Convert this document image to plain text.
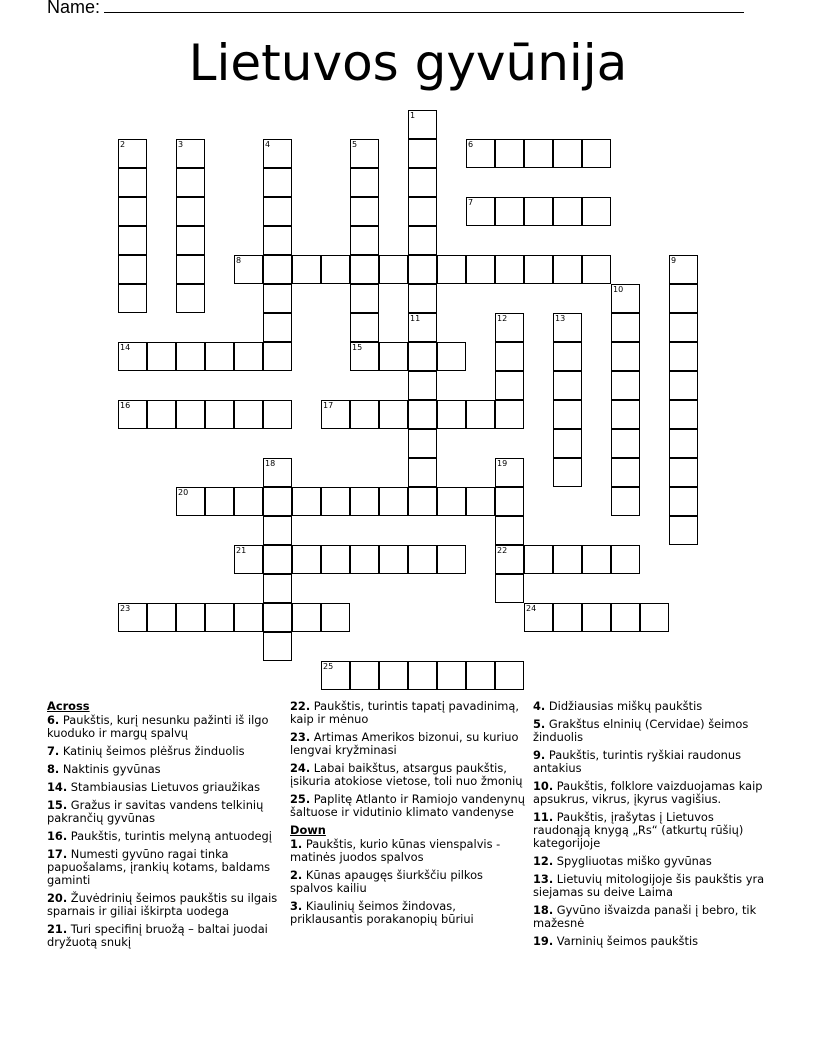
Name:
Lietuvos gyvūnija
1
2	3	4	5	6
7
8	9
10
11	12	13
14	15
16	17
18	19
22
20
21
23	24
25
Across
6. Paukštis, kurį nesunku pažinti iš ilgo kuoduko ir margų spalvų
7. Katinių šeimos plėšrus žinduolis
8. Naktinis gyvūnas
14. Stambiausias Lietuvos griaužikas
15. Gražus ir savitas vandens telkinių pakrančių gyvūnas
16. Paukštis, turintis melyną antuodegį
17. Numesti gyvūno ragai tinka papuošalams, įrankių kotams, baldams gaminti
20. Žuvėdrinių šeimos paukštis su ilgais sparnais ir giliai iškirpta uodega
21. Turi specifinį bruožą – baltai juodai dryžuotą snukį
22. Paukštis, turintis tapatį pavadinimą, kaip ir mėnuo
23. Artimas Amerikos bizonui, su kuriuo lengvai kryžminasi
24. Labai baikštus, atsargus paukštis, įsikuria atokiose vietose, toli nuo žmonių
25. Paplitę Atlanto ir Ramiojo vandenynų šaltuose ir vidutinio klimato vandenyse
Down
1. Paukštis, kurio kūnas vienspalvis - matinės juodos spalvos
2. Kūnas apaugęs šiurkščiu pilkos spalvos kailiu
3. Kiaulinių šeimos žindovas, priklausantis porakanopių būriui
4. Didžiausias miškų paukštis
5. Grakštus elninių (Cervidae) šeimos žinduolis
9. Paukštis, turintis ryškiai raudonus antakius
10. Paukštis, folklore vaizduojamas kaip apsukrus, vikrus, įkyrus vagišius.
11. Paukštis, įrašytas į Lietuvos raudonąją knygą „Rs“ (atkurtų rūšių) kategorijoje
12. Spygliuotas miško gyvūnas
13. Lietuvių mitologijoje šis paukštis yra siejamas su deive Laima
18. Gyvūno išvaizda panaši į bebro, tik mažesnė
19. Varninių šeimos paukštis
